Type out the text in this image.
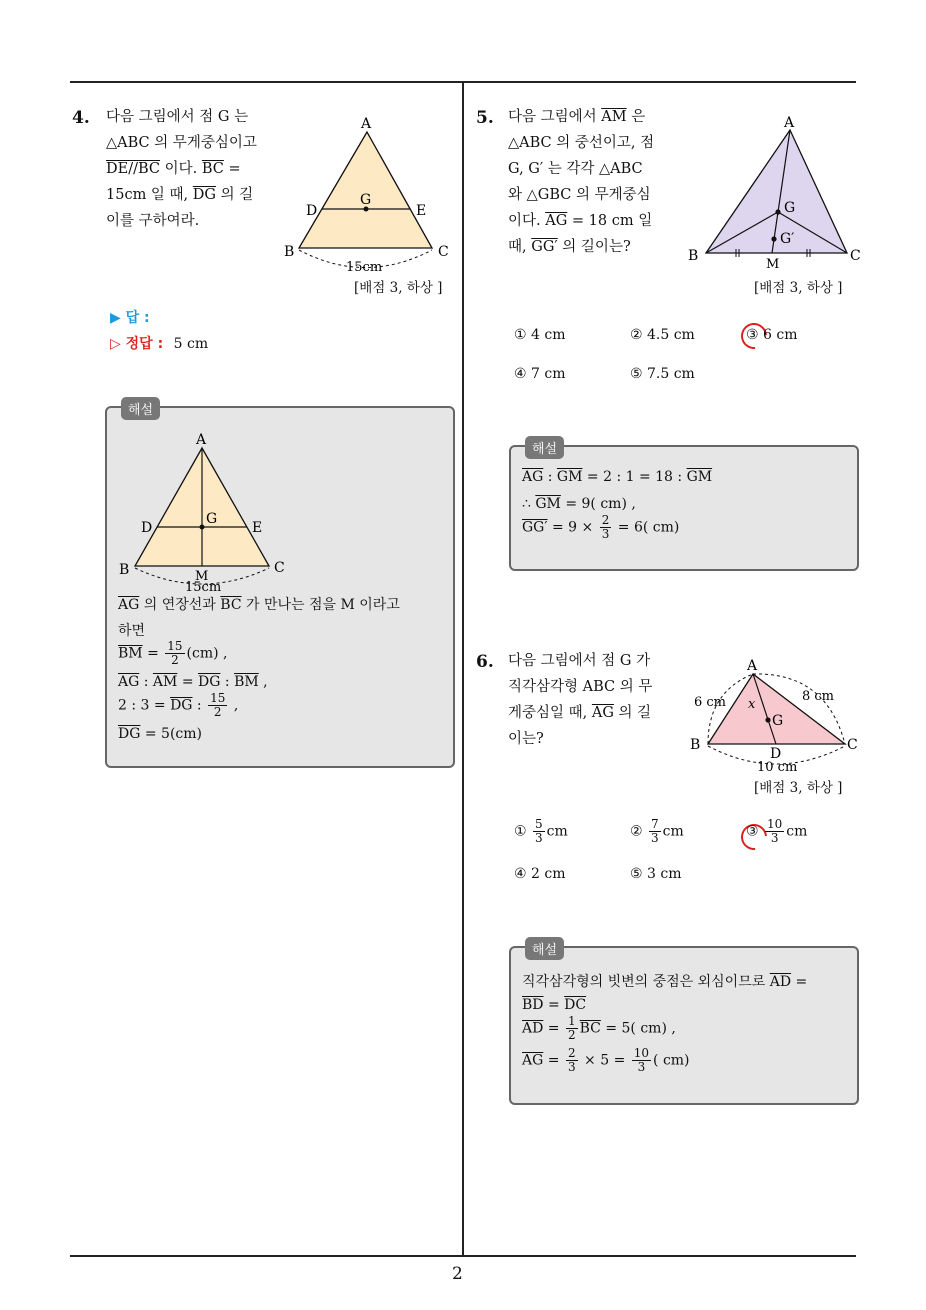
2
4. 다음 그림에서 점 G 는
△ABC 의 무게중심이고
DE//BC 이다. $\overline{BC}$ =
15cm 일 때, $\overline{DG}$ 의 길
이를 구하여라.
A
B	C
D	E
G
15cm
[배점 3, 하상 ]
▶ 답 :
▷ 정답 : 5 cm
해설
A
B	C
D	E
G
M
15cm
$\overline{AG}$ 의 연장선과 $\overline{BC}$ 가 만나는 점을 M 이라고
하면
$\overline{BM} = \frac{15}{2} (cm)$ ,
$\overline{AG}$ : $\overline{AM} = \overline{DG}$ : $\overline{BM}$ ,
2 : $3 = \overline{DG}$ : $\frac{15}{2}$ ,
$\overline{DG} = 5(cm)$
5. 다음 그림에서 $\overline{AM}$ 은
△ABC 의 중선이고, 점
G, G′ 는 각각 △ABC
와 △GBC 의 무게중심
이다. $\overline{AG} = 18$ cm 일
때, GG′ 의 길이는?
A
B	C
G
G′
M
[배점 3, 하상 ]
① 4 cm	② 4.5 cm	③ 6 cm
④ 7 cm	⑤ 7.5 cm
해설
$\overline{AG}$ : $\overline{GM} = 2$ : 1 = 18 : $\overline{GM}$
∴ $\overline{GM} = 9$( cm) ,
$GG' = 9 \times \frac{2}{3} = 6$( cm)
6. 다음 그림에서 점 G 가
직각삼각형 ABC 의 무
게중심일 때, $\overline{AG}$ 의 길
이는?
A
B	C
D
G
x
6 cm	8 cm
10 cm
[배점 3, 하상 ]
① $\frac{5}{3}$ cm	② $\frac{7}{3}$ cm	③ $\frac{10}{3}$ cm
④ 2 cm	⑤ 3 cm
해설
직각삼각형의 빗변의 중점은 외심이므로 $\overline{AD}$ =
$\overline{BD} = \overline{DC}$
$\overline{AD} = \frac{1}{2} \overline{BC} = 5$( cm) ,
$\overline{AG} = \frac{2}{3} \times 5 = \frac{10}{3}$ ( cm)
